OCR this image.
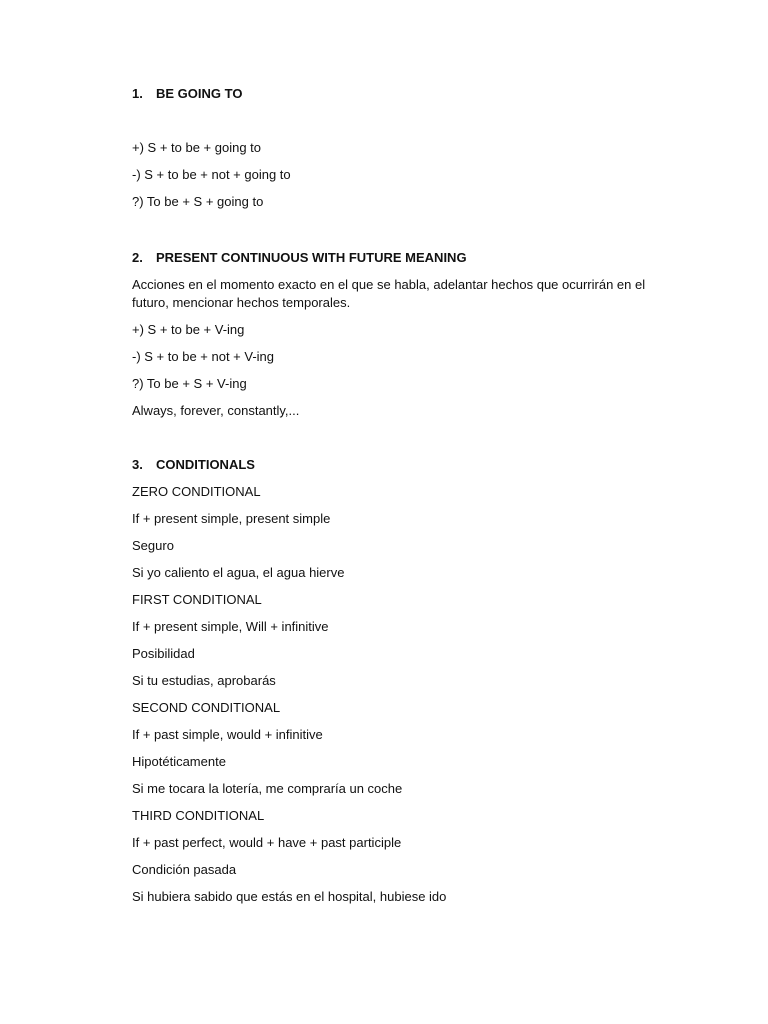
1.	BE GOING TO

+) S + to be + going to

-) S + to be + not + going to

?) To be + S + going to

2.	PRESENT CONTINUOUS WITH FUTURE MEANING

Acciones en el momento exacto en el que se habla, adelantar hechos que ocurrirán en el futuro, mencionar hechos temporales.

+) S + to be + V-ing

-) S + to be + not + V-ing

?) To be + S + V-ing

Always, forever, constantly,...

3.	CONDITIONALS

ZERO CONDITIONAL

If + present simple, present simple

Seguro

Si yo caliento el agua, el agua hierve

FIRST CONDITIONAL

If + present simple, Will + infinitive

Posibilidad

Si tu estudias, aprobarás

SECOND CONDITIONAL

If + past simple, would + infinitive

Hipotéticamente

Si me tocara la lotería, me compraría un coche

THIRD CONDITIONAL

If + past perfect, would + have + past participle

Condición pasada

Si hubiera sabido que estás en el hospital, hubiese ido
